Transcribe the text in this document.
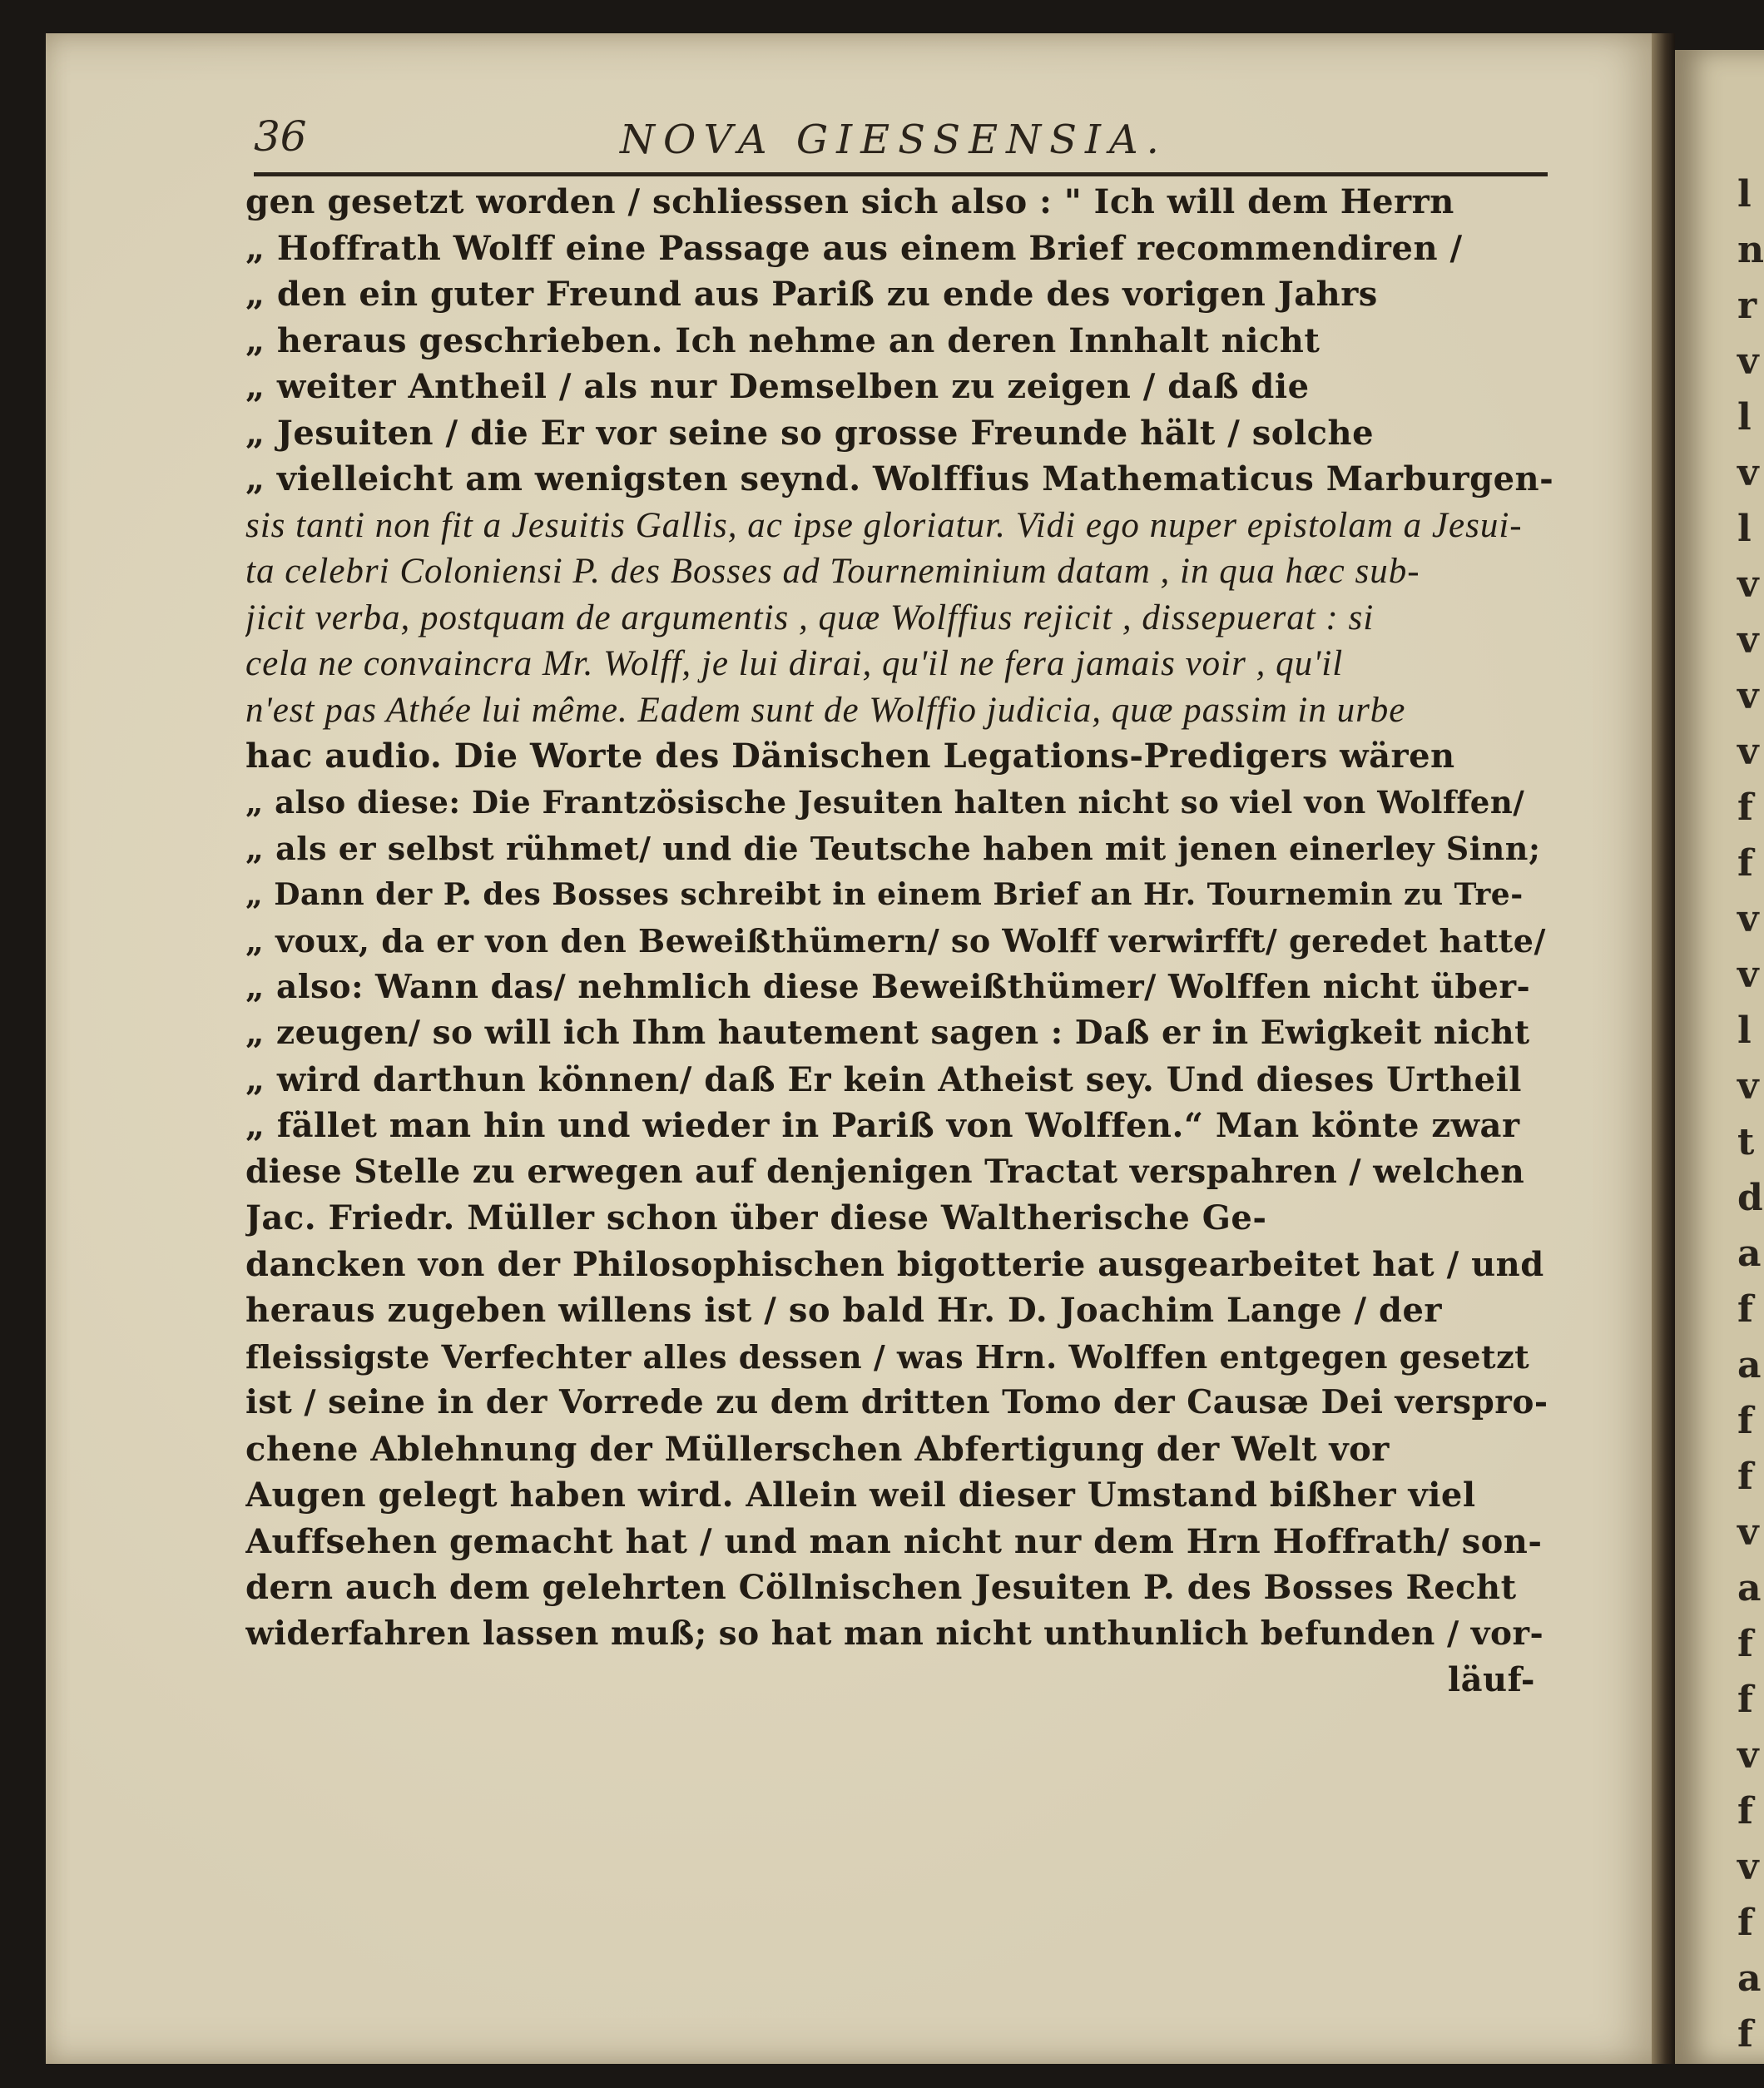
l
n
r
v
l
v
l
v
v
v
v
f
f
v
v
l
v
t
d
a
f
a
f
f
v
a
f
f
v
f
v
f
a
f
36	NOVA GIESSENSIA.
gen gesetzt worden / schliessen sich also : " Ich will dem Herrn
„ Hoffrath Wolff eine Passage aus einem Brief recommendiren /
„ den ein guter Freund aus Pariß zu ende des vorigen Jahrs
„ heraus geschrieben. Ich nehme an deren Innhalt nicht
„ weiter Antheil / als nur Demselben zu zeigen / daß die
„ Jesuiten / die Er vor seine so grosse Freunde hält / solche
„ vielleicht am wenigsten seynd. Wolffius Mathematicus Marburgen-
sis tanti non fit a Jesuitis Gallis, ac ipse gloriatur. Vidi ego nuper epistolam a Jesui-
ta celebri Coloniensi P. des Bosses ad Tourneminium datam , in qua hæc sub-
jicit verba, postquam de argumentis , quæ Wolffius rejicit , dissерuerat : si
cela ne convaincra Mr. Wolff, je lui dirai, qu'il ne fera jamais voir , qu'il
n'est pas Athée lui même. Eadem sunt de Wolffio judicia, quæ passim in urbe
hac audio. Die Worte des Dänischen Legations-Predigers wären
„ also diese: Die Frantzösische Jesuiten halten nicht so viel von Wolffen/
„ als er selbst rühmet/ und die Teutsche haben mit jenen einerley Sinn;
„ Dann der P. des Bosses schreibt in einem Brief an Hr. Tournemin zu Tre-
„ voux, da er von den Beweißthümern/ so Wolff verwirfft/ geredet hatte/
„ also: Wann das/ nehmlich diese Beweißthümer/ Wolffen nicht über-
„ zeugen/ so will ich Ihm hautement sagen : Daß er in Ewigkeit nicht
„ wird darthun können/ daß Er kein Atheist sey. Und dieses Urtheil
„ fället man hin und wieder in Pariß von Wolffen.“ Man könte zwar
diese Stelle zu erwegen auf denjenigen Tractat verspahren / welchen
Jac. Friedr. Müller schon über diese Waltherische Ge-
dancken von der Philosophischen bigotterie ausgearbeitet hat / und
heraus zugeben willens ist / so bald Hr. D. Joachim Lange / der
fleissigste Verfechter alles dessen / was Hrn. Wolffen entgegen gesetzt
ist / seine in der Vorrede zu dem dritten Tomo der Causæ Dei verspro-
chene Ablehnung der Müllerschen Abfertigung der Welt vor
Augen gelegt haben wird. Allein weil dieser Umstand bißher viel
Auffsehen gemacht hat / und man nicht nur dem Hrn Hoffrath/ son-
dern auch dem gelehrten Cöllnischen Jesuiten P. des Bosses Recht
widerfahren lassen muß; so hat man nicht unthunlich befunden / vor-
läuf-
